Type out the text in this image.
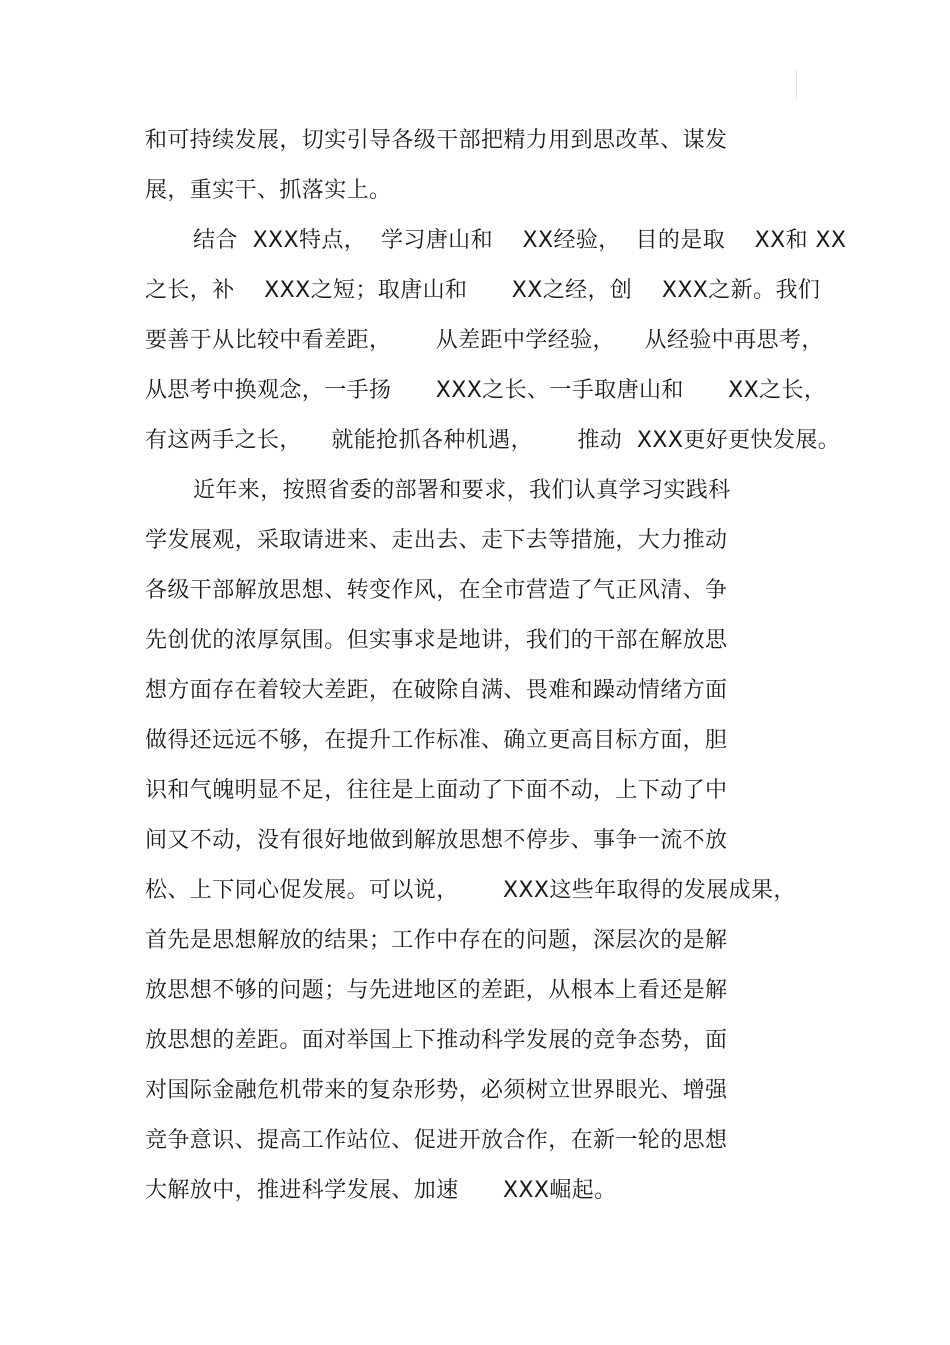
和可持续发展，切实引导各级干部把精力用到思改革、谋发
展，重实干、抓落实上。
结合  XXX特点，  学习唐山和    XX经验，  目的是取    XX和 XX
之长，补    XXX之短；取唐山和      XX之经，创    XXX之新。我们
要善于从比较中看差距，      从差距中学经验，    从经验中再思考，
从思考中换观念，一手扬      XXX之长、一手取唐山和      XX之长，
有这两手之长，    就能抢抓各种机遇，      推动  XXX更好更快发展。
近年来，按照省委的部署和要求，我们认真学习实践科
学发展观，采取请进来、走出去、走下去等措施，大力推动
各级干部解放思想、转变作风，在全市营造了气正风清、争
先创优的浓厚氛围。但实事求是地讲，我们的干部在解放思
想方面存在着较大差距，在破除自满、畏难和躁动情绪方面
做得还远远不够，在提升工作标准、确立更高目标方面，胆
识和气魄明显不足，往往是上面动了下面不动，上下动了中
间又不动，没有很好地做到解放思想不停步、事争一流不放
松、上下同心促发展。可以说，      XXX这些年取得的发展成果，
首先是思想解放的结果；工作中存在的问题，深层次的是解
放思想不够的问题；与先进地区的差距，从根本上看还是解
放思想的差距。面对举国上下推动科学发展的竞争态势，面
对国际金融危机带来的复杂形势，必须树立世界眼光、增强
竞争意识、提高工作站位、促进开放合作，在新一轮的思想
大解放中，推进科学发展、加速      XXX崛起。
